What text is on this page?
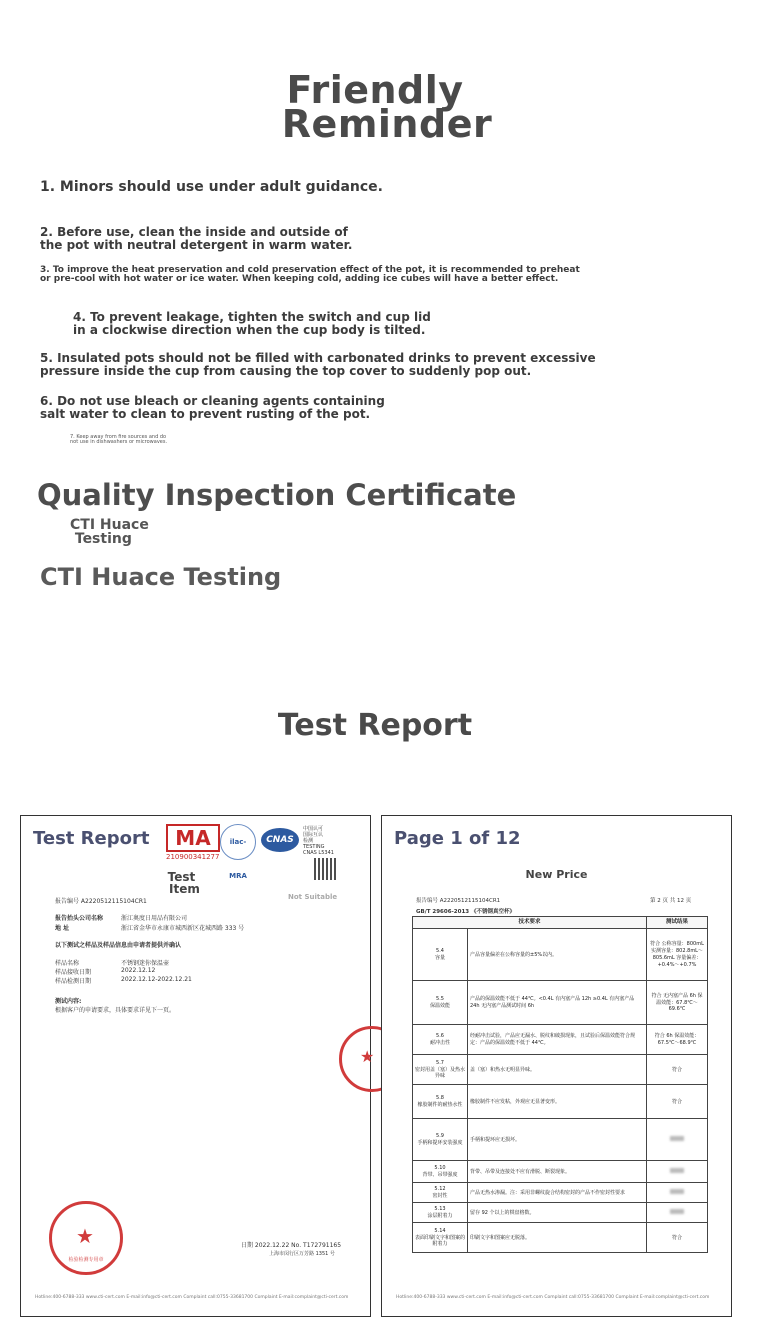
Friendly
Reminder
1. Minors should use under adult guidance.
2. Before use, clean the inside and outside of
the pot with neutral detergent in warm water.
3. To improve the heat preservation and cold preservation effect of the pot, it is recommended to preheat
or pre-cool with hot water or ice water. When keeping cold, adding ice cubes will have a better effect.
4. To prevent leakage, tighten the switch and cup lid
in a clockwise direction when the cup body is tilted.
5. Insulated pots should not be filled with carbonated drinks to prevent excessive
pressure inside the cup from causing the top cover to suddenly pop out.
6. Do not use bleach or cleaning agents containing
salt water to clean to prevent rusting of the pot.
7. Keep away from fire sources and do
not use in dishwashers or microwaves.
Quality Inspection Certificate
CTI Huace
Testing
CTI Huace Testing
Test Report
Test Report	MA
210900341277
ilac-MRA
CNAS
中国认可
国际互认
检测
TESTING
CNAS L5341
Test
Item
Not Suitable
报告编号 A2220512115104CR1
报告抬头公司名称	浙江奥度日用品有限公司
地 址	浙江省金华市永康市城西新区花城西路 333 号
以下测试之样品及样品信息由申请者提供并确认
样品名称	不锈钢迷你保温壶
样品接收日期	2022.12.12
样品检测日期	2022.12.12-2022.12.21
测试内容:
根据客户的申请要求，具体要求详见下一页。
★
★
检验检测专用章
日期 2022.12.22 No. T172791165
上海市闵行区万芳路 1351 号
Hotline:400-6788-333 www.cti-cert.com E-mail:info@cti-cert.com Complaint call:0755-33681700 Complaint E-mail:complaint@cti-cert.com
Page 1 of 12
New Price
报告编号 A2220512115104CR1	第 2 页 共 12 页
GB/T 29606-2013 《不锈钢真空杯》
技术要求		测试结果

5.4
容量	产品容量偏差在公称容量的±5%以内。	符合 公称容量：800mL 实测容量：802.8mL～805.6mL 容量偏差：+0.4%～+0.7%

5.5
保温效能	产品的保温效能不低于 44℃。<0.4L 有内塞产品 12h ≥0.4L 有内塞产品 24h 无内塞产品测试时间 6h	符合 无内塞产品 6h 保温效能：67.8℃～69.6℃

5.6
耐冲击性	经耐冲击试验，产品应无漏水、脱纹和破损现象，且试验后保温效能符合规定：产品的保温效能不低于 44℃。	符合 6h 保温效能：67.5℃～68.9℃

5.7
密封用盖（塞）及热水异味	盖（塞）和热水无明显异味。	符合

5.8
橡胶制件的耐热水性	橡胶制件不应发粘，外观应无显著变形。	符合

5.9
手柄和提环安装强度	手柄和提环应无损坏。	

5.10
背带、吊带强度	背带、吊带及连接处不应有滑脱、断裂现象。	

5.12
密封性	产品无热水渗漏。注：采用非螺纹旋合结构密封的产品不作密封性要求	

5.13
涂层附着力	留存 92 个以上的棋盘格数。	

5.14
表面印刷文字和图案的附着力	印刷文字和图案应无脱落。	符合
Hotline:400-6788-333 www.cti-cert.com E-mail:info@cti-cert.com Complaint call:0755-33681700 Complaint E-mail:complaint@cti-cert.com
